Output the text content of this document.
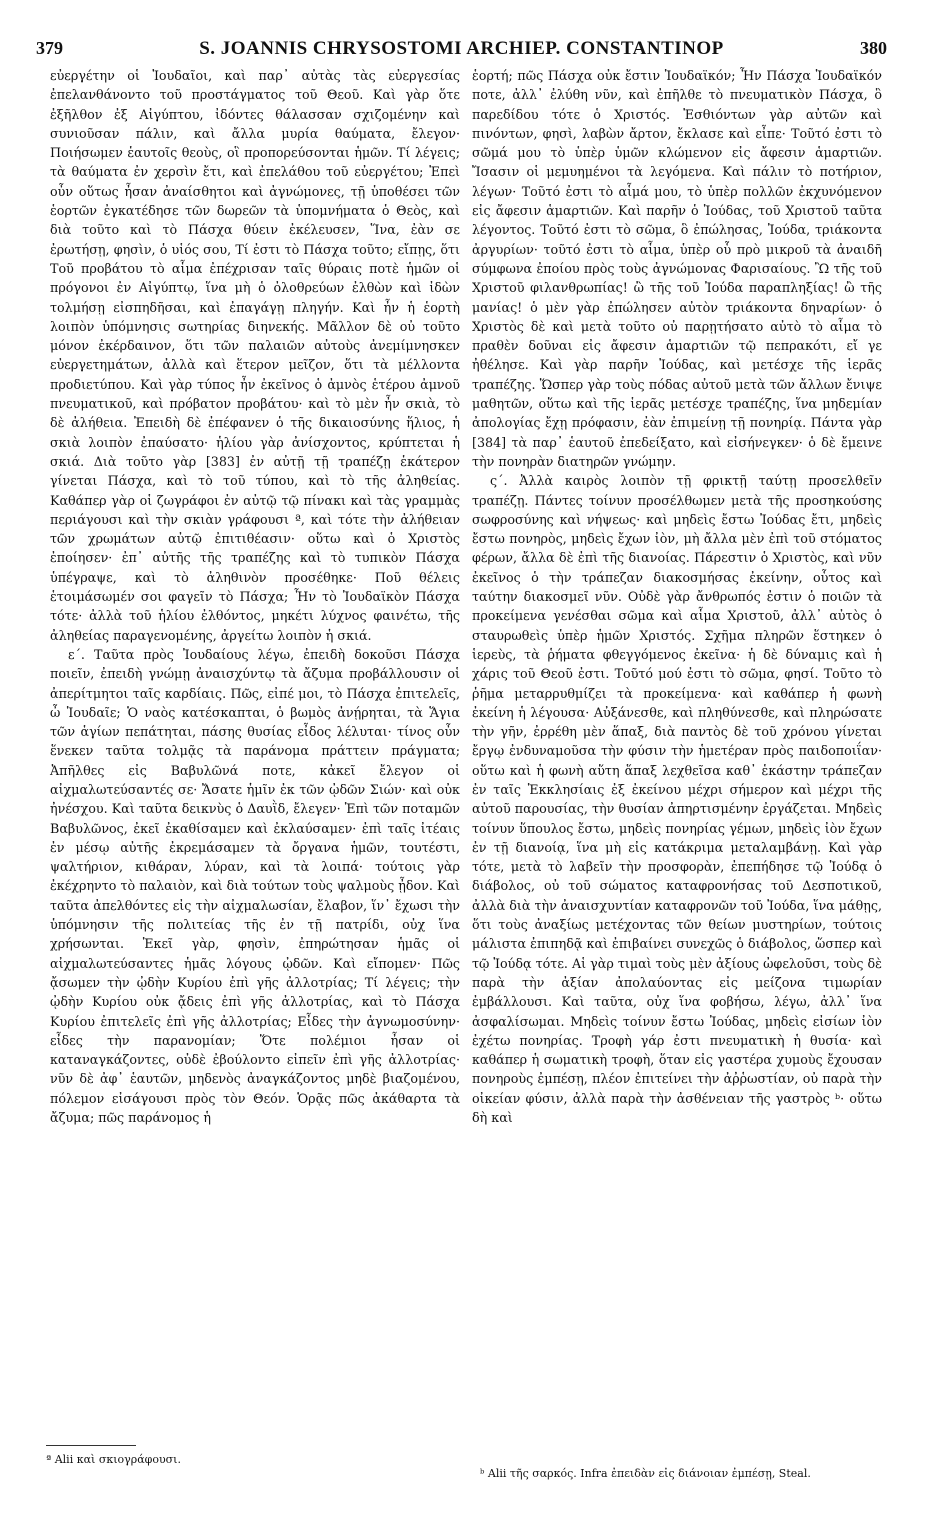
379	S. JOANNIS CHRYSOSTOMI ARCHIEP. CONSTANTINOP	380

εὐεργέτην οἱ Ἰουδαῖοι, καὶ παρ᾽ αὐτὰς τὰς εὐεργεσίας ἐπελανθάνοντο τοῦ προστάγματος τοῦ Θεοῦ. Καὶ γὰρ ὅτε ἐξῆλθον ἐξ Αἰγύπτου, ἰδόντες θάλασσαν σχιζομένην καὶ συνιοῦσαν πάλιν, καὶ ἄλλα μυρία θαύματα, ἔλεγον· Ποιήσωμεν ἑαυτοῖς θεοὺς, οἳ προπορεύσονται ἡμῶν. Τί λέγεις; τὰ θαύματα ἐν χερσὶν ἔτι, καὶ ἐπελάθου τοῦ εὐεργέτου; Ἐπεὶ οὖν οὕτως ἦσαν ἀναίσθητοι καὶ ἀγνώμονες, τῇ ὑποθέσει τῶν ἑορτῶν ἐγκατέδησε τῶν δωρεῶν τὰ ὑπομνήματα ὁ Θεὸς, καὶ διὰ τοῦτο καὶ τὸ Πάσχα θύειν ἐκέλευσεν, Ἵνα, ἐὰν σε ἐρωτήσῃ, φησὶν, ὁ υἱός σου, Τί ἐστι τὸ Πάσχα τοῦτο; εἴπῃς, ὅτι Τοῦ προβάτου τὸ αἷμα ἐπέχρισαν ταῖς θύραις ποτὲ ἡμῶν οἱ πρόγονοι ἐν Αἰγύπτῳ, ἵνα μὴ ὁ ὀλοθρεύων ἐλθὼν καὶ ἰδὼν τολμήσῃ εἰσπηδῆσαι, καὶ ἐπαγάγῃ πληγήν. Καὶ ἦν ἡ ἑορτὴ λοιπὸν ὑπόμνησις σωτηρίας διηνεκής. Μᾶλλον δὲ οὐ τοῦτο μόνον ἐκέρδαινον, ὅτι τῶν παλαιῶν αὐτοὺς ἀνεμίμνησκεν εὐεργετημάτων, ἀλλὰ καὶ ἕτερον μεῖζον, ὅτι τὰ μέλλοντα προδιετύπου. Καὶ γὰρ τύπος ἦν ἐκεῖνος ὁ ἀμνὸς ἑτέρου ἀμνοῦ πνευματικοῦ, καὶ πρόβατον προβάτου· καὶ τὸ μὲν ἦν σκιὰ, τὸ δὲ ἀλήθεια. Ἐπειδὴ δὲ ἐπέφανεν ὁ τῆς δικαιοσύνης ἥλιος, ἡ σκιὰ λοιπὸν ἐπαύσατο· ἡλίου γὰρ ἀνίσχοντος, κρύπτεται ἡ σκιά. Διὰ τοῦτο γὰρ [383] ἐν αὐτῇ τῇ τραπέζῃ ἑκάτερον γίνεται Πάσχα, καὶ τὸ τοῦ τύπου, καὶ τὸ τῆς ἀληθείας. Καθάπερ γὰρ οἱ ζωγράφοι ἐν αὐτῷ τῷ πίνακι καὶ τὰς γραμμὰς περιάγουσι καὶ τὴν σκιὰν γράφουσι ª, καὶ τότε τὴν ἀλήθειαν τῶν χρωμάτων αὐτῷ ἐπιτιθέασιν· οὕτω καὶ ὁ Χριστὸς ἐποίησεν· ἐπ᾽ αὐτῆς τῆς τραπέζης καὶ τὸ τυπικὸν Πάσχα ὑπέγραψε, καὶ τὸ ἀληθινὸν προσέθηκε· Ποῦ θέλεις ἑτοιμάσωμέν σοι φαγεῖν τὸ Πάσχα; Ἦν τὸ Ἰουδαϊκὸν Πάσχα τότε· ἀλλὰ τοῦ ἡλίου ἐλθόντος, μηκέτι λύχνος φαινέτω, τῆς ἀληθείας παραγενομένης, ἀργείτω λοιπὸν ἡ σκιά.

ε΄. Ταῦτα πρὸς Ἰουδαίους λέγω, ἐπειδὴ δοκοῦσι Πάσχα ποιεῖν, ἐπειδὴ γνώμῃ ἀναισχύντῳ τὰ ἄζυμα προβάλλουσιν οἱ ἀπερίτμητοι ταῖς καρδίαις. Πῶς, εἰπέ μοι, τὸ Πάσχα ἐπιτελεῖς, ὦ Ἰουδαῖε; Ὁ ναὸς κατέσκαπται, ὁ βωμὸς ἀνῄρηται, τὰ Ἅγια τῶν ἁγίων πεπάτηται, πάσης θυσίας εἶδος λέλυται· τίνος οὖν ἕνεκεν ταῦτα τολμᾷς τὰ παράνομα πράττειν πράγματα; Ἀπῆλθες εἰς Βαβυλῶνά ποτε, κἀκεῖ ἔλεγον οἱ αἰχμαλωτεύσαντές σε· Ἄσατε ἡμῖν ἐκ τῶν ᾠδῶν Σιών· καὶ οὐκ ἠνέσχου. Καὶ ταῦτα δεικνὺς ὁ Δαυῒδ, ἔλεγεν· Ἐπὶ τῶν ποταμῶν Βαβυλῶνος, ἐκεῖ ἐκαθίσαμεν καὶ ἐκλαύσαμεν· ἐπὶ ταῖς ἰτέαις ἐν μέσῳ αὐτῆς ἐκρεμάσαμεν τὰ ὄργανα ἡμῶν, τουτέστι, ψαλτήριον, κιθάραν, λύραν, καὶ τὰ λοιπά· τούτοις γὰρ ἐκέχρηντο τὸ παλαιὸν, καὶ διὰ τούτων τοὺς ψαλμοὺς ᾖδον. Καὶ ταῦτα ἀπελθόντες εἰς τὴν αἰχμαλωσίαν, ἔλαβον, ἵν᾽ ἔχωσι τὴν ὑπόμνησιν τῆς πολιτείας τῆς ἐν τῇ πατρίδι, οὐχ ἵνα χρήσωνται. Ἐκεῖ γὰρ, φησὶν, ἐπηρώτησαν ἡμᾶς οἱ αἰχμαλωτεύσαντες ἡμᾶς λόγους ᾠδῶν. Καὶ εἴπομεν· Πῶς ᾄσωμεν τὴν ᾠδὴν Κυρίου ἐπὶ γῆς ἀλλοτρίας; Τί λέγεις; τὴν ᾠδὴν Κυρίου οὐκ ᾄδεις ἐπὶ γῆς ἀλλοτρίας, καὶ τὸ Πάσχα Κυρίου ἐπιτελεῖς ἐπὶ γῆς ἀλλοτρίας; Εἶδες τὴν ἀγνωμοσύνην· εἶδες τὴν παρανομίαν; Ὅτε πολέμιοι ἦσαν οἱ καταναγκάζοντες, οὐδὲ ἐβούλοντο εἰπεῖν ἐπὶ γῆς ἀλλοτρίας· νῦν δὲ ἀφ᾽ ἑαυτῶν, μηδενὸς ἀναγκάζοντος μηδὲ βιαζομένου, πόλεμον εἰσάγουσι πρὸς τὸν Θεόν. Ὁρᾷς πῶς ἀκάθαρτα τὰ ἄζυμα; πῶς παράνομος ἡ

ἑορτή; πῶς Πάσχα οὐκ ἔστιν Ἰουδαϊκόν; Ἦν Πάσχα Ἰουδαϊκόν ποτε, ἀλλ᾽ ἐλύθη νῦν, καὶ ἐπῆλθε τὸ πνευματικὸν Πάσχα, ὃ παρεδίδου τότε ὁ Χριστός. Ἐσθιόντων γὰρ αὐτῶν καὶ πινόντων, φησὶ, λαβὼν ἄρτον, ἔκλασε καὶ εἶπε· Τοῦτό ἐστι τὸ σῶμά μου τὸ ὑπὲρ ὑμῶν κλώμενον εἰς ἄφεσιν ἁμαρτιῶν. Ἴσασιν οἱ μεμυημένοι τὰ λεγόμενα. Καὶ πάλιν τὸ ποτήριον, λέγων· Τοῦτό ἐστι τὸ αἷμά μου, τὸ ὑπὲρ πολλῶν ἐκχυνόμενον εἰς ἄφεσιν ἁμαρτιῶν. Καὶ παρῆν ὁ Ἰούδας, τοῦ Χριστοῦ ταῦτα λέγοντος. Τοῦτό ἐστι τὸ σῶμα, ὃ ἐπώλησας, Ἰούδα, τριάκοντα ἀργυρίων· τοῦτό ἐστι τὸ αἷμα, ὑπὲρ οὗ πρὸ μικροῦ τὰ ἀναιδῆ σύμφωνα ἐποίου πρὸς τοὺς ἀγνώμονας Φαρισαίους. Ὢ τῆς τοῦ Χριστοῦ φιλανθρωπίας! ὢ τῆς τοῦ Ἰούδα παραπληξίας! ὢ τῆς μανίας! ὁ μὲν γὰρ ἐπώλησεν αὐτὸν τριάκοντα δηναρίων· ὁ Χριστὸς δὲ καὶ μετὰ τοῦτο οὐ παρῃτήσατο αὐτὸ τὸ αἷμα τὸ πραθὲν δοῦναι εἰς ἄφεσιν ἁμαρτιῶν τῷ πεπρακότι, εἴ γε ἠθέλησε. Καὶ γὰρ παρῆν Ἰούδας, καὶ μετέσχε τῆς ἱερᾶς τραπέζης. Ὥσπερ γὰρ τοὺς πόδας αὐτοῦ μετὰ τῶν ἄλλων ἔνιψε μαθητῶν, οὕτω καὶ τῆς ἱερᾶς μετέσχε τραπέζης, ἵνα μηδεμίαν ἀπολογίας ἔχῃ πρόφασιν, ἐὰν ἐπιμείνῃ τῇ πονηρίᾳ. Πάντα γὰρ [384] τὰ παρ᾽ ἑαυτοῦ ἐπεδείξατο, καὶ εἰσήνεγκεν· ὁ δὲ ἔμεινε τὴν πονηρὰν διατηρῶν γνώμην.

ς΄. Ἀλλὰ καιρὸς λοιπὸν τῇ φρικτῇ ταύτῃ προσελθεῖν τραπέζῃ. Πάντες τοίνυν προσέλθωμεν μετὰ τῆς προσηκούσης σωφροσύνης καὶ νήψεως· καὶ μηδεὶς ἔστω Ἰούδας ἔτι, μηδεὶς ἔστω πονηρὸς, μηδεὶς ἔχων ἰὸν, μὴ ἄλλα μὲν ἐπὶ τοῦ στόματος φέρων, ἄλλα δὲ ἐπὶ τῆς διανοίας. Πάρεστιν ὁ Χριστὸς, καὶ νῦν ἐκεῖνος ὁ τὴν τράπεζαν διακοσμήσας ἐκείνην, οὗτος καὶ ταύτην διακοσμεῖ νῦν. Οὐδὲ γὰρ ἄνθρωπός ἐστιν ὁ ποιῶν τὰ προκείμενα γενέσθαι σῶμα καὶ αἷμα Χριστοῦ, ἀλλ᾽ αὐτὸς ὁ σταυρωθεὶς ὑπὲρ ἡμῶν Χριστός. Σχῆμα πληρῶν ἕστηκεν ὁ ἱερεὺς, τὰ ῥήματα φθεγγόμενος ἐκεῖνα· ἡ δὲ δύναμις καὶ ἡ χάρις τοῦ Θεοῦ ἐστι. Τοῦτό μού ἐστι τὸ σῶμα, φησί. Τοῦτο τὸ ῥῆμα μεταρρυθμίζει τὰ προκείμενα· καὶ καθάπερ ἡ φωνὴ ἐκείνη ἡ λέγουσα· Αὐξάνεσθε, καὶ πληθύνεσθε, καὶ πληρώσατε τὴν γῆν, ἐρρέθη μὲν ἅπαξ, διὰ παντὸς δὲ τοῦ χρόνου γίνεται ἔργῳ ἐνδυναμοῦσα τὴν φύσιν τὴν ἡμετέραν πρὸς παιδοποιΐαν· οὕτω καὶ ἡ φωνὴ αὕτη ἅπαξ λεχθεῖσα καθ᾽ ἑκάστην τράπεζαν ἐν ταῖς Ἐκκλησίαις ἐξ ἐκείνου μέχρι σήμερον καὶ μέχρι τῆς αὐτοῦ παρουσίας, τὴν θυσίαν ἀπηρτισμένην ἐργάζεται. Μηδεὶς τοίνυν ὕπουλος ἔστω, μηδεὶς πονηρίας γέμων, μηδεὶς ἰὸν ἔχων ἐν τῇ διανοίᾳ, ἵνα μὴ εἰς κατάκριμα μεταλαμβάνῃ. Καὶ γὰρ τότε, μετὰ τὸ λαβεῖν τὴν προσφορὰν, ἐπεπήδησε τῷ Ἰούδᾳ ὁ διάβολος, οὐ τοῦ σώματος καταφρονήσας τοῦ Δεσποτικοῦ, ἀλλὰ διὰ τὴν ἀναισχυντίαν καταφρονῶν τοῦ Ἰούδα, ἵνα μάθῃς, ὅτι τοὺς ἀναξίως μετέχοντας τῶν θείων μυστηρίων, τούτοις μάλιστα ἐπιπηδᾷ καὶ ἐπιβαίνει συνεχῶς ὁ διάβολος, ὥσπερ καὶ τῷ Ἰούδᾳ τότε. Αἱ γὰρ τιμαὶ τοὺς μὲν ἀξίους ὠφελοῦσι, τοὺς δὲ παρὰ τὴν ἀξίαν ἀπολαύοντας εἰς μείζονα τιμωρίαν ἐμβάλλουσι. Καὶ ταῦτα, οὐχ ἵνα φοβήσω, λέγω, ἀλλ᾽ ἵνα ἀσφαλίσωμαι. Μηδεὶς τοίνυν ἔστω Ἰούδας, μηδεὶς εἰσίων ἰὸν ἐχέτω πονηρίας. Τροφὴ γάρ ἐστι πνευματικὴ ἡ θυσία· καὶ καθάπερ ἡ σωματικὴ τροφὴ, ὅταν εἰς γαστέρα χυμοὺς ἔχουσαν πονηροὺς ἐμπέσῃ, πλέον ἐπιτείνει τὴν ἀῤῥωστίαν, οὐ παρὰ τὴν οἰκείαν φύσιν, ἀλλὰ παρὰ τὴν ἀσθένειαν τῆς γαστρὸς ᵇ· οὕτω δὴ καὶ

ª Alii καὶ σκιογράφουσι.
ᵇ Alii τῆς σαρκός. Infra ἐπειδὰν εἰς διάνοιαν ἐμπέσῃ, Steal.
